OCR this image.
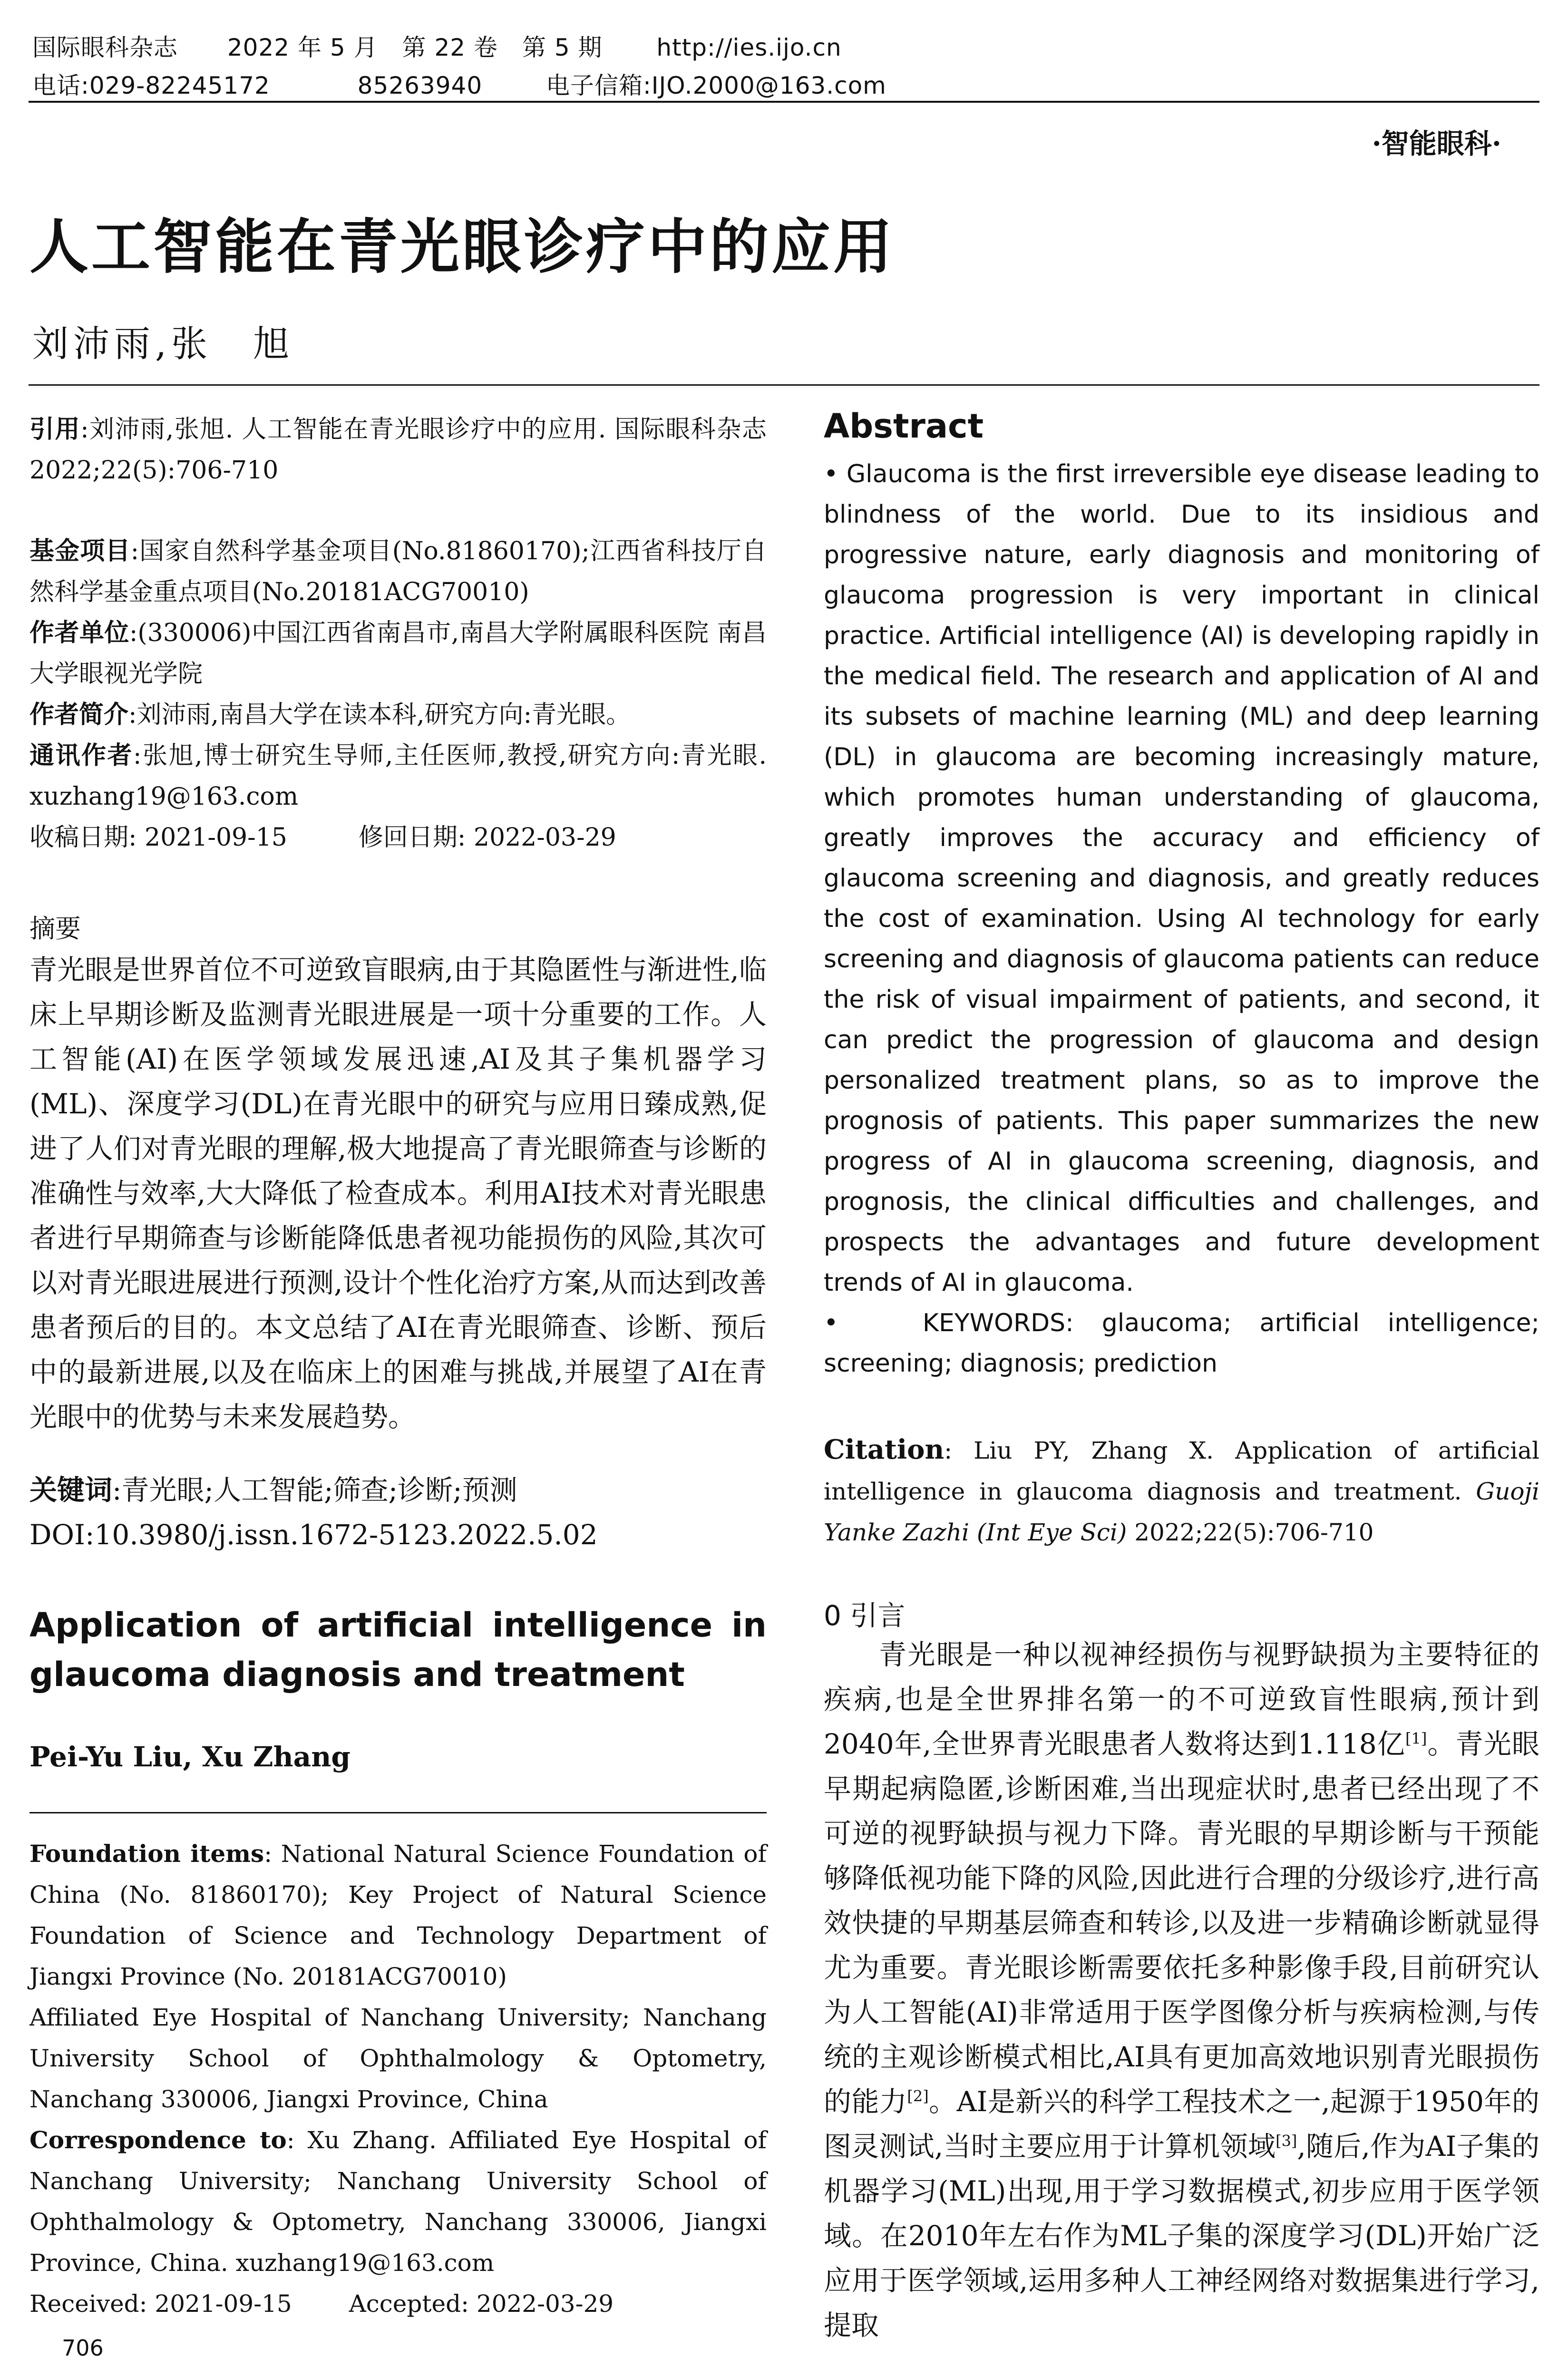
国际眼科杂志 2022 年 5 月　第 22 卷　第 5 期 http://ies.ijo.cn
电话:029-82245172	85263940	电子信箱:IJO.2000@163.com
·智能眼科·
人工智能在青光眼诊疗中的应用
刘沛雨,张　旭
引用:刘沛雨,张旭. 人工智能在青光眼诊疗中的应用. 国际眼科杂志 2022;22(5):706-710
基金项目:国家自然科学基金项目(No.81860170);江西省科技厅自然科学基金重点项目(No.20181ACG70010)
作者单位:(330006)中国江西省南昌市,南昌大学附属眼科医院 南昌大学眼视光学院
作者简介:刘沛雨,南昌大学在读本科,研究方向:青光眼。
通讯作者:张旭,博士研究生导师,主任医师,教授,研究方向:青光眼. xuzhang19@163.com
收稿日期: 2021-09-15	修回日期: 2022-03-29
摘要
青光眼是世界首位不可逆致盲眼病,由于其隐匿性与渐进性,临床上早期诊断及监测青光眼进展是一项十分重要的工作。人工智能(AI)在医学领域发展迅速,AI及其子集机器学习(ML)、深度学习(DL)在青光眼中的研究与应用日臻成熟,促进了人们对青光眼的理解,极大地提高了青光眼筛查与诊断的准确性与效率,大大降低了检查成本。利用AI技术对青光眼患者进行早期筛查与诊断能降低患者视功能损伤的风险,其次可以对青光眼进展进行预测,设计个性化治疗方案,从而达到改善患者预后的目的。本文总结了AI在青光眼筛查、诊断、预后中的最新进展,以及在临床上的困难与挑战,并展望了AI在青光眼中的优势与未来发展趋势。
关键词:青光眼;人工智能;筛查;诊断;预测
DOI:10.3980/j.issn.1672-5123.2022.5.02
Application of artificial intelligence in glaucoma diagnosis and treatment
Pei-Yu Liu, Xu Zhang
Foundation items: National Natural Science Foundation of China (No. 81860170); Key Project of Natural Science Foundation of Science and Technology Department of Jiangxi Province (No. 20181ACG70010)
Affiliated Eye Hospital of Nanchang University; Nanchang University School of Ophthalmology & Optometry, Nanchang 330006, Jiangxi Province, China
Correspondence to: Xu Zhang. Affiliated Eye Hospital of Nanchang University; Nanchang University School of Ophthalmology & Optometry, Nanchang 330006, Jiangxi Province, China. xuzhang19@163.com
Received: 2021-09-15 Accepted: 2022-03-29
706
Abstract
• Glaucoma is the first irreversible eye disease leading to blindness of the world. Due to its insidious and progressive nature, early diagnosis and monitoring of glaucoma progression is very important in clinical practice. Artificial intelligence (AI) is developing rapidly in the medical field. The research and application of AI and its subsets of machine learning (ML) and deep learning (DL) in glaucoma are becoming increasingly mature, which promotes human understanding of glaucoma, greatly improves the accuracy and efficiency of glaucoma screening and diagnosis, and greatly reduces the cost of examination. Using AI technology for early screening and diagnosis of glaucoma patients can reduce the risk of visual impairment of patients, and second, it can predict the progression of glaucoma and design personalized treatment plans, so as to improve the prognosis of patients. This paper summarizes the new progress of AI in glaucoma screening, diagnosis, and prognosis, the clinical difficulties and challenges, and prospects the advantages and future development trends of AI in glaucoma.
•	KEYWORDS: glaucoma; artificial intelligence; screening; diagnosis; prediction
Citation: Liu PY, Zhang X. Application of artificial intelligence in glaucoma diagnosis and treatment. Guoji Yanke Zazhi (Int Eye Sci) 2022;22(5):706-710
0 引言
青光眼是一种以视神经损伤与视野缺损为主要特征的疾病,也是全世界排名第一的不可逆致盲性眼病,预计到2040年,全世界青光眼患者人数将达到1.118亿[1]。青光眼早期起病隐匿,诊断困难,当出现症状时,患者已经出现了不可逆的视野缺损与视力下降。青光眼的早期诊断与干预能够降低视功能下降的风险,因此进行合理的分级诊疗,进行高效快捷的早期基层筛查和转诊,以及进一步精确诊断就显得尤为重要。青光眼诊断需要依托多种影像手段,目前研究认为人工智能(AI)非常适用于医学图像分析与疾病检测,与传统的主观诊断模式相比,AI具有更加高效地识别青光眼损伤的能力[2]。AI是新兴的科学工程技术之一,起源于1950年的图灵测试,当时主要应用于计算机领域[3],随后,作为AI子集的机器学习(ML)出现,用于学习数据模式,初步应用于医学领域。在2010年左右作为ML子集的深度学习(DL)开始广泛应用于医学领域,运用多种人工神经网络对数据集进行学习,提取
